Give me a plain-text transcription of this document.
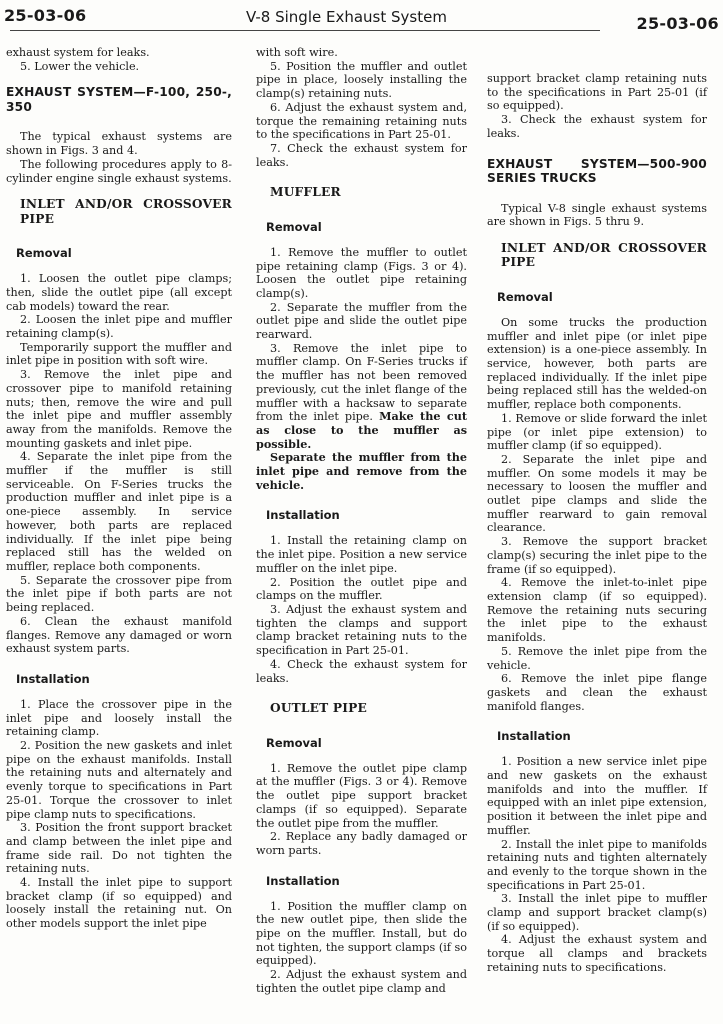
25-03-06	V-8 Single Exhaust System	25-03-06

exhaust system for leaks.

5. Lower the vehicle.

EXHAUST SYSTEM—F-100, 250-, 350

The typical exhaust systems are shown in Figs. 3 and 4.

The following procedures apply to 8-cylinder engine single exhaust systems.

INLET AND/OR CROSSOVER PIPE

Removal

1. Loosen the outlet pipe clamps; then, slide the outlet pipe (all except cab models) toward the rear.

2. Loosen the inlet pipe and muffler retaining clamp(s).

Temporarily support the muffler and inlet pipe in position with soft wire.

3. Remove the inlet pipe and crossover pipe to manifold retaining nuts; then, remove the wire and pull the inlet pipe and muffler assembly away from the manifolds. Remove the mounting gaskets and inlet pipe.

4. Separate the inlet pipe from the muffler if the muffler is still serviceable. On F-Series trucks the production muffler and inlet pipe is a one-piece assembly. In service however, both parts are replaced individually. If the inlet pipe being replaced still has the welded on muffler, replace both components.

5. Separate the crossover pipe from the inlet pipe if both parts are not being replaced.

6. Clean the exhaust manifold flanges. Remove any damaged or worn exhaust system parts.

Installation

1. Place the crossover pipe in the inlet pipe and loosely install the retaining clamp.

2. Position the new gaskets and inlet pipe on the exhaust manifolds. Install the retaining nuts and alternately and evenly torque to specifications in Part 25-01. Torque the crossover to inlet pipe clamp nuts to specifications.

3. Position the front support bracket and clamp between the inlet pipe and frame side rail. Do not tighten the retaining nuts.

4. Install the inlet pipe to support bracket clamp (if so equipped) and loosely install the retaining nut. On other models support the inlet pipe

with soft wire.

5. Position the muffler and outlet pipe in place, loosely installing the clamp(s) retaining nuts.

6. Adjust the exhaust system and, torque the remaining retaining nuts to the specifications in Part 25-01.

7. Check the exhaust system for leaks.

MUFFLER

Removal

1. Remove the muffler to outlet pipe retaining clamp (Figs. 3 or 4). Loosen the outlet pipe retaining clamp(s).

2. Separate the muffler from the outlet pipe and slide the outlet pipe rearward.

3. Remove the inlet pipe to muffler clamp. On F-Series trucks if the muffler has not been removed previously, cut the inlet flange of the muffler with a hacksaw to separate from the inlet pipe. Make the cut as close to the muffler as possible.

Separate the muffler from the inlet pipe and remove from the vehicle.

Installation

1. Install the retaining clamp on the inlet pipe. Position a new service muffler on the inlet pipe.

2. Position the outlet pipe and clamps on the muffler.

3. Adjust the exhaust system and tighten the clamps and support clamp bracket retaining nuts to the specification in Part 25-01.

4. Check the exhaust system for leaks.

OUTLET PIPE

Removal

1. Remove the outlet pipe clamp at the muffler (Figs. 3 or 4). Remove the outlet pipe support bracket clamps (if so equipped). Separate the outlet pipe from the muffler.

2. Replace any badly damaged or worn parts.

Installation

1. Position the muffler clamp on the new outlet pipe, then slide the pipe on the muffler. Install, but do not tighten, the support clamps (if so equipped).

2. Adjust the exhaust system and tighten the outlet pipe clamp and

support bracket clamp retaining nuts to the specifications in Part 25-01 (if so equipped).

3. Check the exhaust system for leaks.

EXHAUST SYSTEM—500-900 SERIES TRUCKS

Typical V-8 single exhaust systems are shown in Figs. 5 thru 9.

INLET AND/OR CROSSOVER PIPE

Removal

On some trucks the production muffler and inlet pipe (or inlet pipe extension) is a one-piece assembly. In service, however, both parts are replaced individually. If the inlet pipe being replaced still has the welded-on muffler, replace both components.

1. Remove or slide forward the inlet pipe (or inlet pipe extension) to muffler clamp (if so equipped).

2. Separate the inlet pipe and muffler. On some models it may be necessary to loosen the muffler and outlet pipe clamps and slide the muffler rearward to gain removal clearance.

3. Remove the support bracket clamp(s) securing the inlet pipe to the frame (if so equipped).

4. Remove the inlet-to-inlet pipe extension clamp (if so equipped). Remove the retaining nuts securing the inlet pipe to the exhaust manifolds.

5. Remove the inlet pipe from the vehicle.

6. Remove the inlet pipe flange gaskets and clean the exhaust manifold flanges.

Installation

1. Position a new service inlet pipe and new gaskets on the exhaust manifolds and into the muffler. If equipped with an inlet pipe extension, position it between the inlet pipe and muffler.

2. Install the inlet pipe to manifolds retaining nuts and tighten alternately and evenly to the torque shown in the specifications in Part 25-01.

3. Install the inlet pipe to muffler clamp and support bracket clamp(s) (if so equipped).

4. Adjust the exhaust system and torque all clamps and brackets retaining nuts to specifications.
